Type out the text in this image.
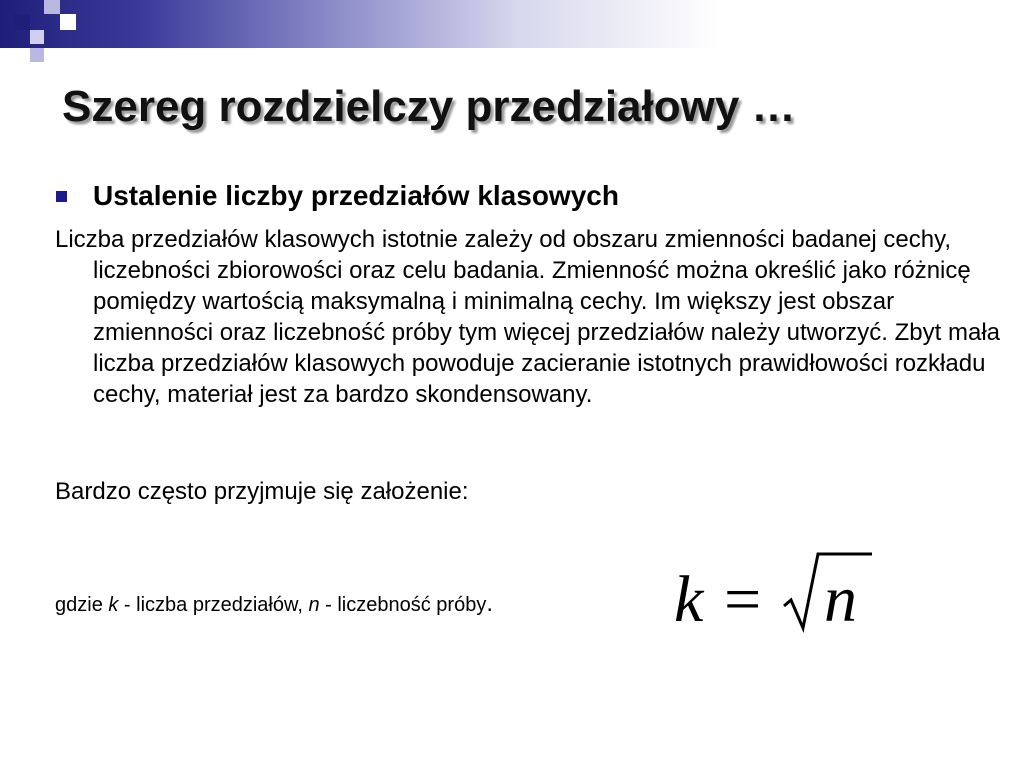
Szereg rozdzielczy przedziałowy …
Ustalenie liczby przedziałów klasowych

Liczba przedziałów klasowych istotnie zależy od obszaru zmienności badanej cechy, liczebności zbiorowości oraz celu badania. Zmienność można określić jako różnicę pomiędzy wartością maksymalną i minimalną cechy. Im większy jest obszar zmienności oraz liczebność próby tym więcej przedziałów należy utworzyć. Zbyt mała liczba przedziałów klasowych powoduje zacieranie istotnych prawidłowości rozkładu cechy, materiał jest za bardzo skondensowany.

Bardzo często przyjmuje się założenie:

gdzie k - liczba przedziałów, n - liczebność próby.	k = n
